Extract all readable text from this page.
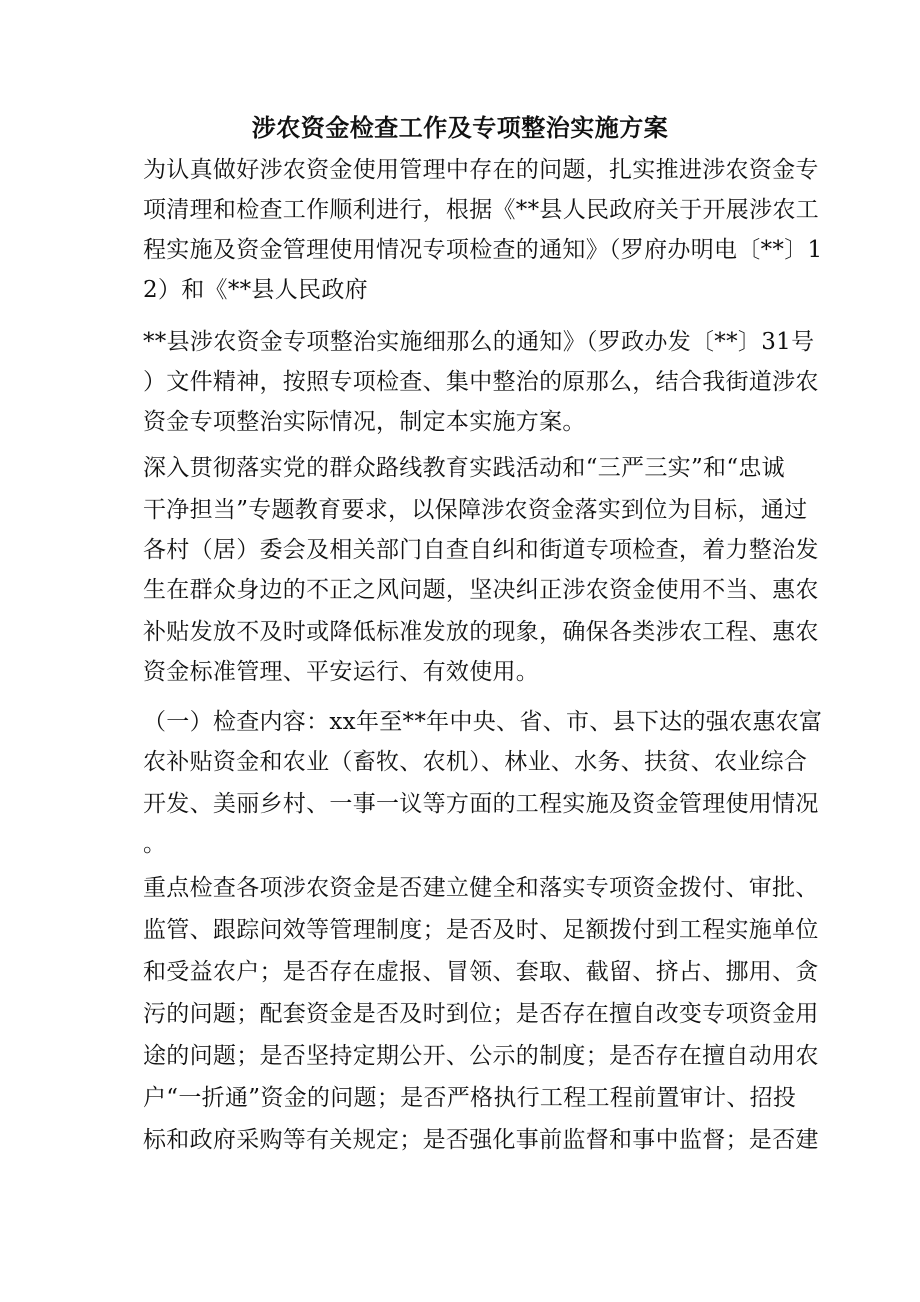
涉农资金检查工作及专项整治实施方案
为认真做好涉农资金使用管理中存在的问题，扎实推进涉农资金专
项清理和检查工作顺利进行，根据《**县人民政府关于开展涉农工
程实施及资金管理使用情况专项检查的通知》（罗府办明电〔**〕1
2）和《**县人民政府
**县涉农资金专项整治实施细那么的通知》（罗政办发〔**〕31号
）文件精神，按照专项检查、集中整治的原那么，结合我街道涉农
资金专项整治实际情况，制定本实施方案。
深入贯彻落实党的群众路线教育实践活动和“三严三实”和“忠诚
干净担当”专题教育要求，以保障涉农资金落实到位为目标，通过
各村（居）委会及相关部门自查自纠和街道专项检查，着力整治发
生在群众身边的不正之风问题，坚决纠正涉农资金使用不当、惠农
补贴发放不及时或降低标准发放的现象，确保各类涉农工程、惠农
资金标准管理、平安运行、有效使用。
（一）检查内容：xx年至**年中央、省、市、县下达的强农惠农富
农补贴资金和农业（畜牧、农机）、林业、水务、扶贫、农业综合
开发、美丽乡村、一事一议等方面的工程实施及资金管理使用情况
。
重点检查各项涉农资金是否建立健全和落实专项资金拨付、审批、
监管、跟踪问效等管理制度；是否及时、足额拨付到工程实施单位
和受益农户；是否存在虚报、冒领、套取、截留、挤占、挪用、贪
污的问题；配套资金是否及时到位；是否存在擅自改变专项资金用
途的问题；是否坚持定期公开、公示的制度；是否存在擅自动用农
户“一折通”资金的问题；是否严格执行工程工程前置审计、招投
标和政府采购等有关规定；是否强化事前监督和事中监督；是否建
